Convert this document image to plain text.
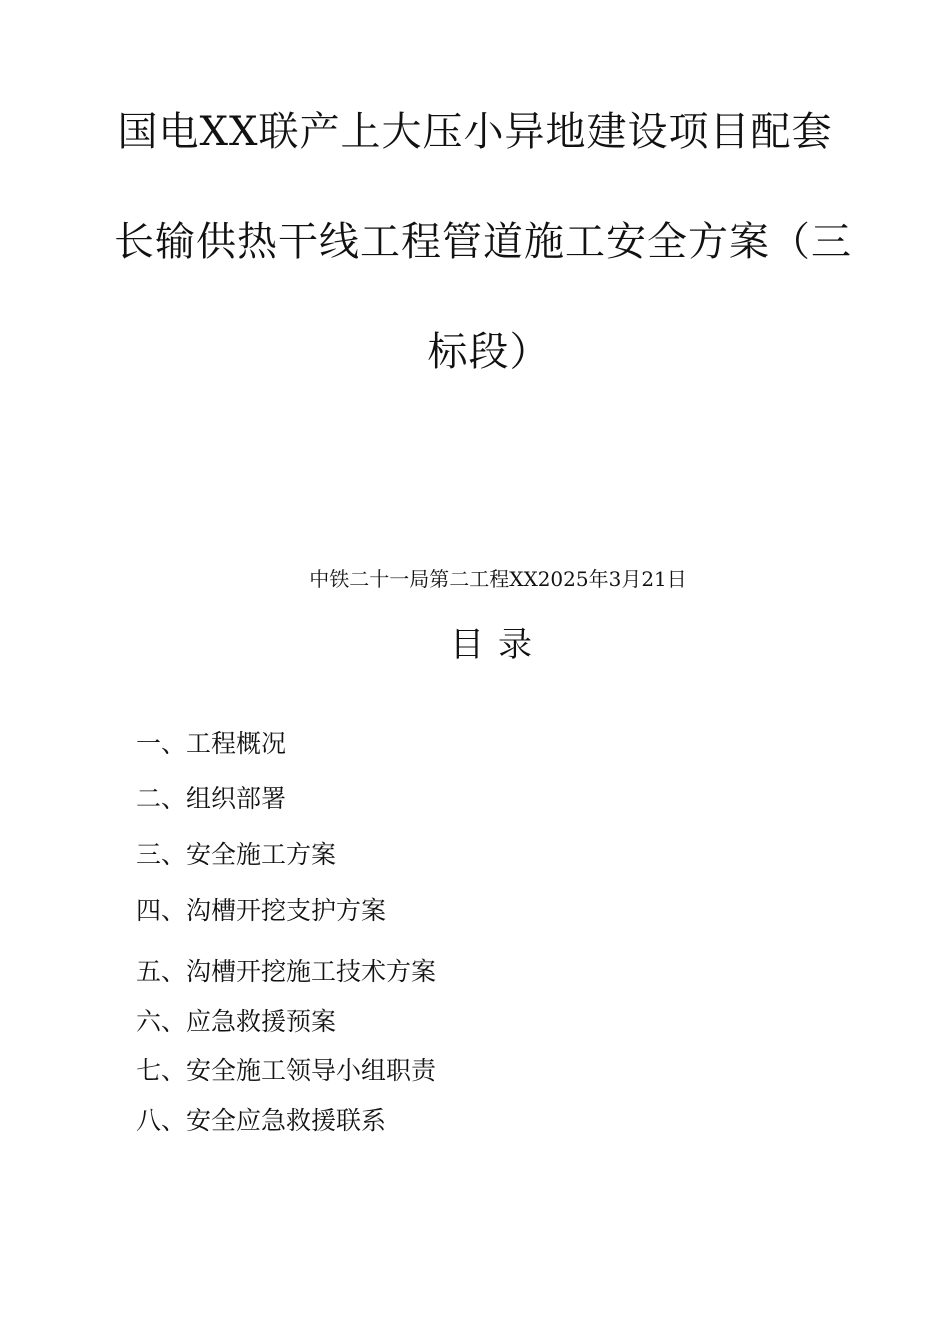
国电XX联产上大压小异地建设项目配套
长输供热干线工程管道施工安全方案（三
标段）
中铁二十一局第二工程XX2025年3月21日
目录
一、工程概况
二、组织部署
三、安全施工方案
四、沟槽开挖支护方案
五、沟槽开挖施工技术方案
六、应急救援预案
七、安全施工领导小组职责
八、安全应急救援联系
